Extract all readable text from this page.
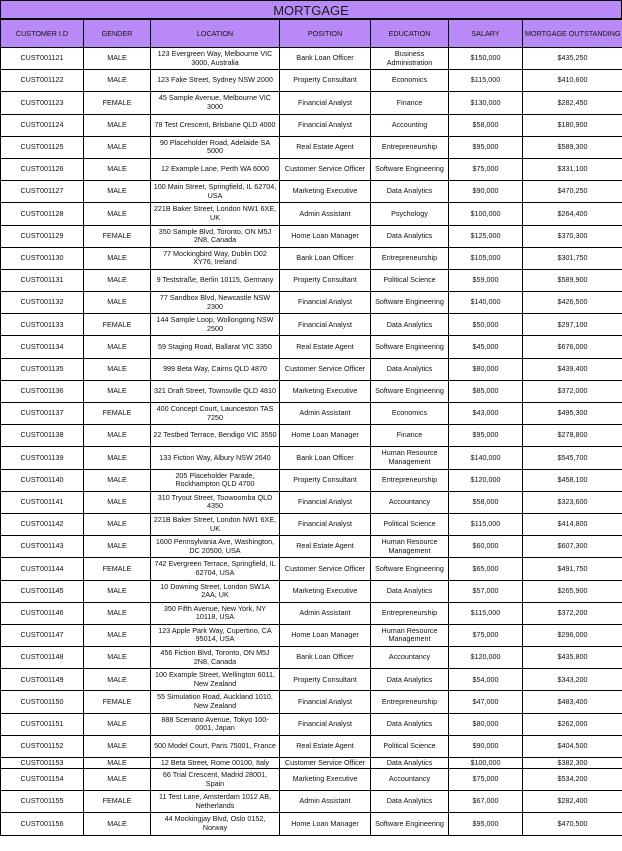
MORTGAGE
CUSTOMER I.D	GENDER	LOCATION	POSITION	EDUCATION	SALARY	MORTGAGE OUTSTANDING
CUST001121	MALE	123 Evergreen Way, Melbourne VIC 3000, Australia	Bank Loan Officer	Business Administration	$150,000	$435,250
CUST001122	MALE	123 Fake Street, Sydney NSW 2000	Property Consultant	Economics	$115,000	$410,600
CUST001123	FEMALE	45 Sample Avenue, Melbourne VIC 3000	Financial Analyst	Finance	$130,000	$282,450
CUST001124	MALE	78 Test Crescent, Brisbane QLD 4000	Financial Analyst	Accounting	$58,000	$180,900
CUST001125	MALE	90 Placeholder Road, Adelaide SA 5000	Real Estate Agent	Entrepreneurship	$95,000	$589,300
CUST001126	MALE	12 Example Lane, Perth WA 6000	Customer Service Officer	Software Engineering	$75,000	$331,100
CUST001127	MALE	100 Main Street, Springfield, IL 62704, USA	Marketing Executive	Data Analytics	$90,000	$470,250
CUST001128	MALE	221B Baker Street, London NW1 6XE, UK	Admin Assistant	Psychology	$100,000	$264,400
CUST001129	FEMALE	350 Sample Blvd, Toronto, ON M5J 2N8, Canada	Home Loan Manager	Data Analytics	$125,000	$370,300
CUST001130	MALE	77 Mockingbird Way, Dublin D02 XY76, Ireland	Bank Loan Officer	Entrepreneurship	$105,000	$301,750
CUST001131	MALE	9 Teststraße, Berlin 10115, Germany	Property Consultant	Political Science	$59,000	$589,900
CUST001132	MALE	77 Sandbox Blvd, Newcastle NSW 2300	Financial Analyst	Software Engineering	$140,000	$426,500
CUST001133	FEMALE	144 Sample Loop, Wollongong NSW 2500	Financial Analyst	Data Analytics	$50,000	$297,100
CUST001134	MALE	59 Staging Road, Ballarat VIC 3350	Real Estate Agent	Software Engineering	$45,000	$676,000
CUST001135	MALE	999 Beta Way, Cairns QLD 4870	Customer Service Officer	Data Analytics	$80,000	$439,400
CUST001136	MALE	321 Draft Street, Townsville QLD 4810	Marketing Executive	Software Engineering	$85,000	$372,000
CUST001137	FEMALE	400 Concept Court, Launceston TAS 7250	Admin Assistant	Economics	$43,000	$495,300
CUST001138	MALE	22 Testbed Terrace, Bendigo VIC 3550	Home Loan Manager	Finance	$95,000	$278,800
CUST001139	MALE	133 Fiction Way, Albury NSW 2640	Bank Loan Officer	Human Resource Management	$140,000	$545,700
CUST001140	MALE	205 Placeholder Parade, Rockhampton QLD 4700	Property Consultant	Entrepreneurship	$120,000	$458,100
CUST001141	MALE	310 Tryout Street, Toowoomba QLD 4350	Financial Analyst	Accountancy	$58,000	$323,600
CUST001142	MALE	221B Baker Street, London NW1 6XE, UK	Financial Analyst	Political Science	$115,000	$414,800
CUST001143	MALE	1600 Pennsylvania Ave, Washington, DC 20500, USA	Real Estate Agent	Human Resource Management	$60,000	$607,300
CUST001144	FEMALE	742 Evergreen Terrace, Springfield, IL 62704, USA	Customer Service Officer	Software Engineering	$65,000	$491,750
CUST001145	MALE	10 Downing Street, London SW1A 2AA, UK	Marketing Executive	Data Analytics	$57,000	$265,900
CUST001146	MALE	350 Fifth Avenue, New York, NY 10118, USA	Admin Assistant	Entrepreneurship	$115,000	$372,200
CUST001147	MALE	123 Apple Park Way, Cupertino, CA 95014, USA	Home Loan Manager	Human Resource Management	$75,000	$296,000
CUST001148	MALE	456 Fiction Blvd, Toronto, ON M5J 2N8, Canada	Bank Loan Officer	Accountancy	$120,000	$435,800
CUST001149	MALE	100 Example Street, Wellington 6011, New Zealand	Property Consultant	Data Analytics	$54,000	$343,200
CUST001150	FEMALE	55 Simulation Road, Auckland 1010, New Zealand	Financial Analyst	Entrepreneurship	$47,000	$483,400
CUST001151	MALE	888 Scenario Avenue, Tokyo 100-0001, Japan	Financial Analyst	Data Analytics	$80,000	$262,000
CUST001152	MALE	500 Model Court, Paris 75001, France	Real Estate Agent	Political Science	$90,000	$404,500
CUST001153	MALE	12 Beta Street, Rome 00100, Italy	Customer Service Officer	Data Analytics	$100,000	$382,300
CUST001154	MALE	66 Trial Crescent, Madrid 28001, Spain	Marketing Executive	Accountancy	$75,000	$534,200
CUST001155	FEMALE	11 Test Lane, Amsterdam 1012 AB, Netherlands	Admin Assistant	Data Analytics	$67,000	$282,400
CUST001156	MALE	44 Mockingjay Blvd, Oslo 0152, Norway	Home Loan Manager	Software Engineering	$95,000	$470,500
